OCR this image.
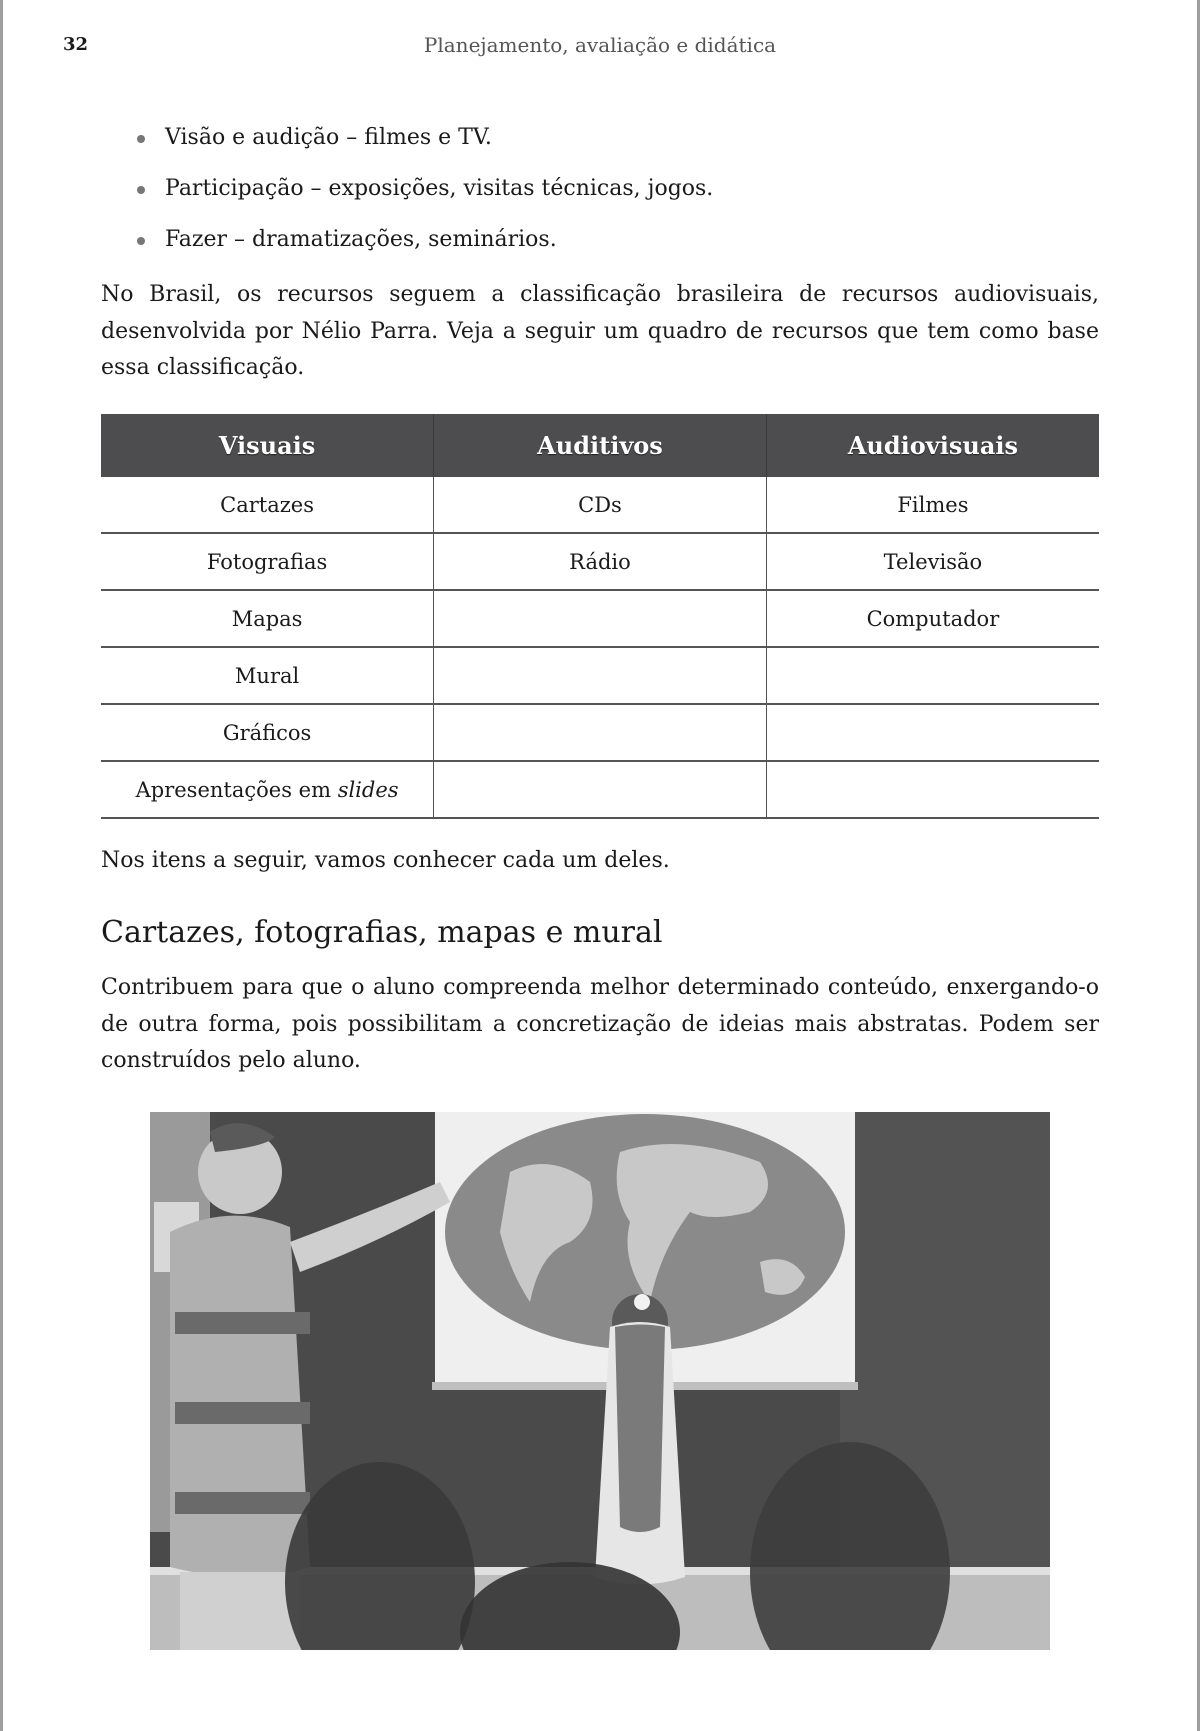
32	Planejamento, avaliação e didática
Visão e audição – filmes e TV.
Participação – exposições, visitas técnicas, jogos.
Fazer – dramatizações, seminários.

No Brasil, os recursos seguem a classificação brasileira de recursos audiovisuais, desenvolvida por Nélio Parra. Veja a seguir um quadro de recursos que tem como base essa classificação.

Visuais	Auditivos	Audiovisuais
Cartazes	CDs	Filmes
Fotografias	Rádio	Televisão
Mapas		Computador
Mural		
Gráficos		
Apresentações em slides		

Nos itens a seguir, vamos conhecer cada um deles.

Cartazes, fotografias, mapas e mural

Contribuem para que o aluno compreenda melhor determinado conteúdo, enxergando-o de outra forma, pois possibilitam a concretização de ideias mais abstratas. Podem ser construídos pelo aluno.
